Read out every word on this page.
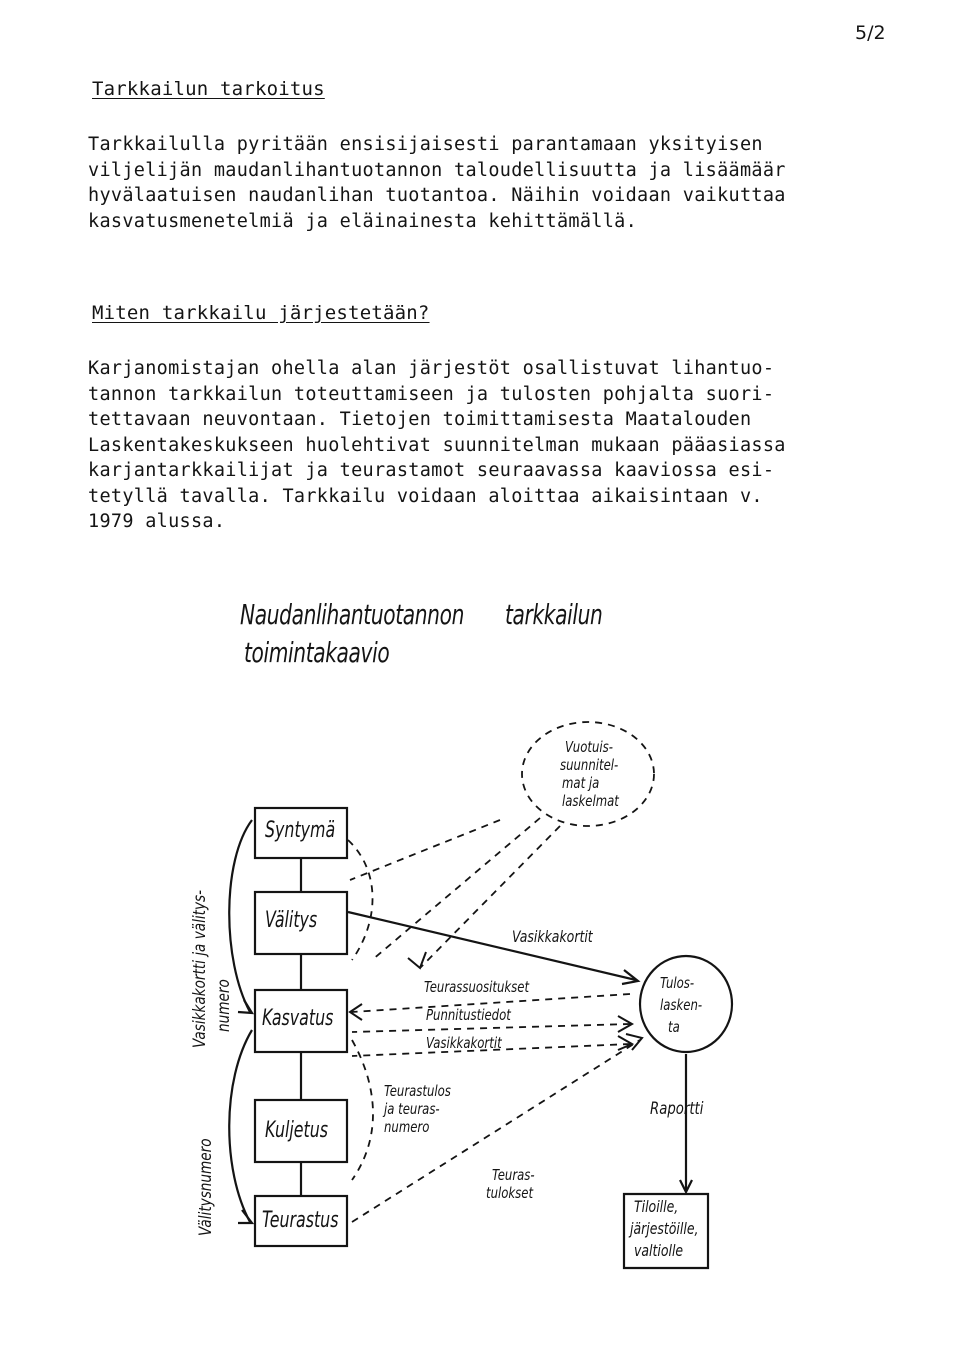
5/2
Tarkkailun tarkoitus
Tarkkailulla pyritään ensisijaisesti parantamaan yksityisen
viljelijän maudanlihantuotannon taloudellisuutta ja lisäämäär
hyvälaatuisen naudanlihan tuotantoa. Näihin voidaan vaikuttaa
kasvatusmenetelmiä ja eläinainesta kehittämällä.
Miten tarkkailu järjestetään?
Karjanomistajan ohella alan järjestöt osallistuvat lihantuo-
tannon tarkkailun toteuttamiseen ja tulosten pohjalta suori-
tettavaan neuvontaan. Tietojen toimittamisesta Maatalouden
Laskentakeskukseen huolehtivat suunnitelman mukaan pääasiassa
karjantarkkailijat ja teurastamot seuraavassa kaaviossa esi-
tetyllä tavalla. Tarkkailu voidaan aloittaa aikaisintaan v.
1979 alussa.
Naudanlihantuotannon tarkkailun
toimintakaavio
Syntymä
Välitys
Kasvatus
Kuljetus
Teurastus
Vasikkakortti ja välitys- numero
Välitysnumero
Vuotuis-
suunnitel-
mat ja
laskelmat
Tulos-
lasken-
ta
Raportti
Tiloille,
järjestöille,
valtiolle
Vasikkakortit
Teurassuositukset
Punnitustiedot
Vasikkakortit
Teurastulos
ja teuras-
numero
Teuras-
tulokset
